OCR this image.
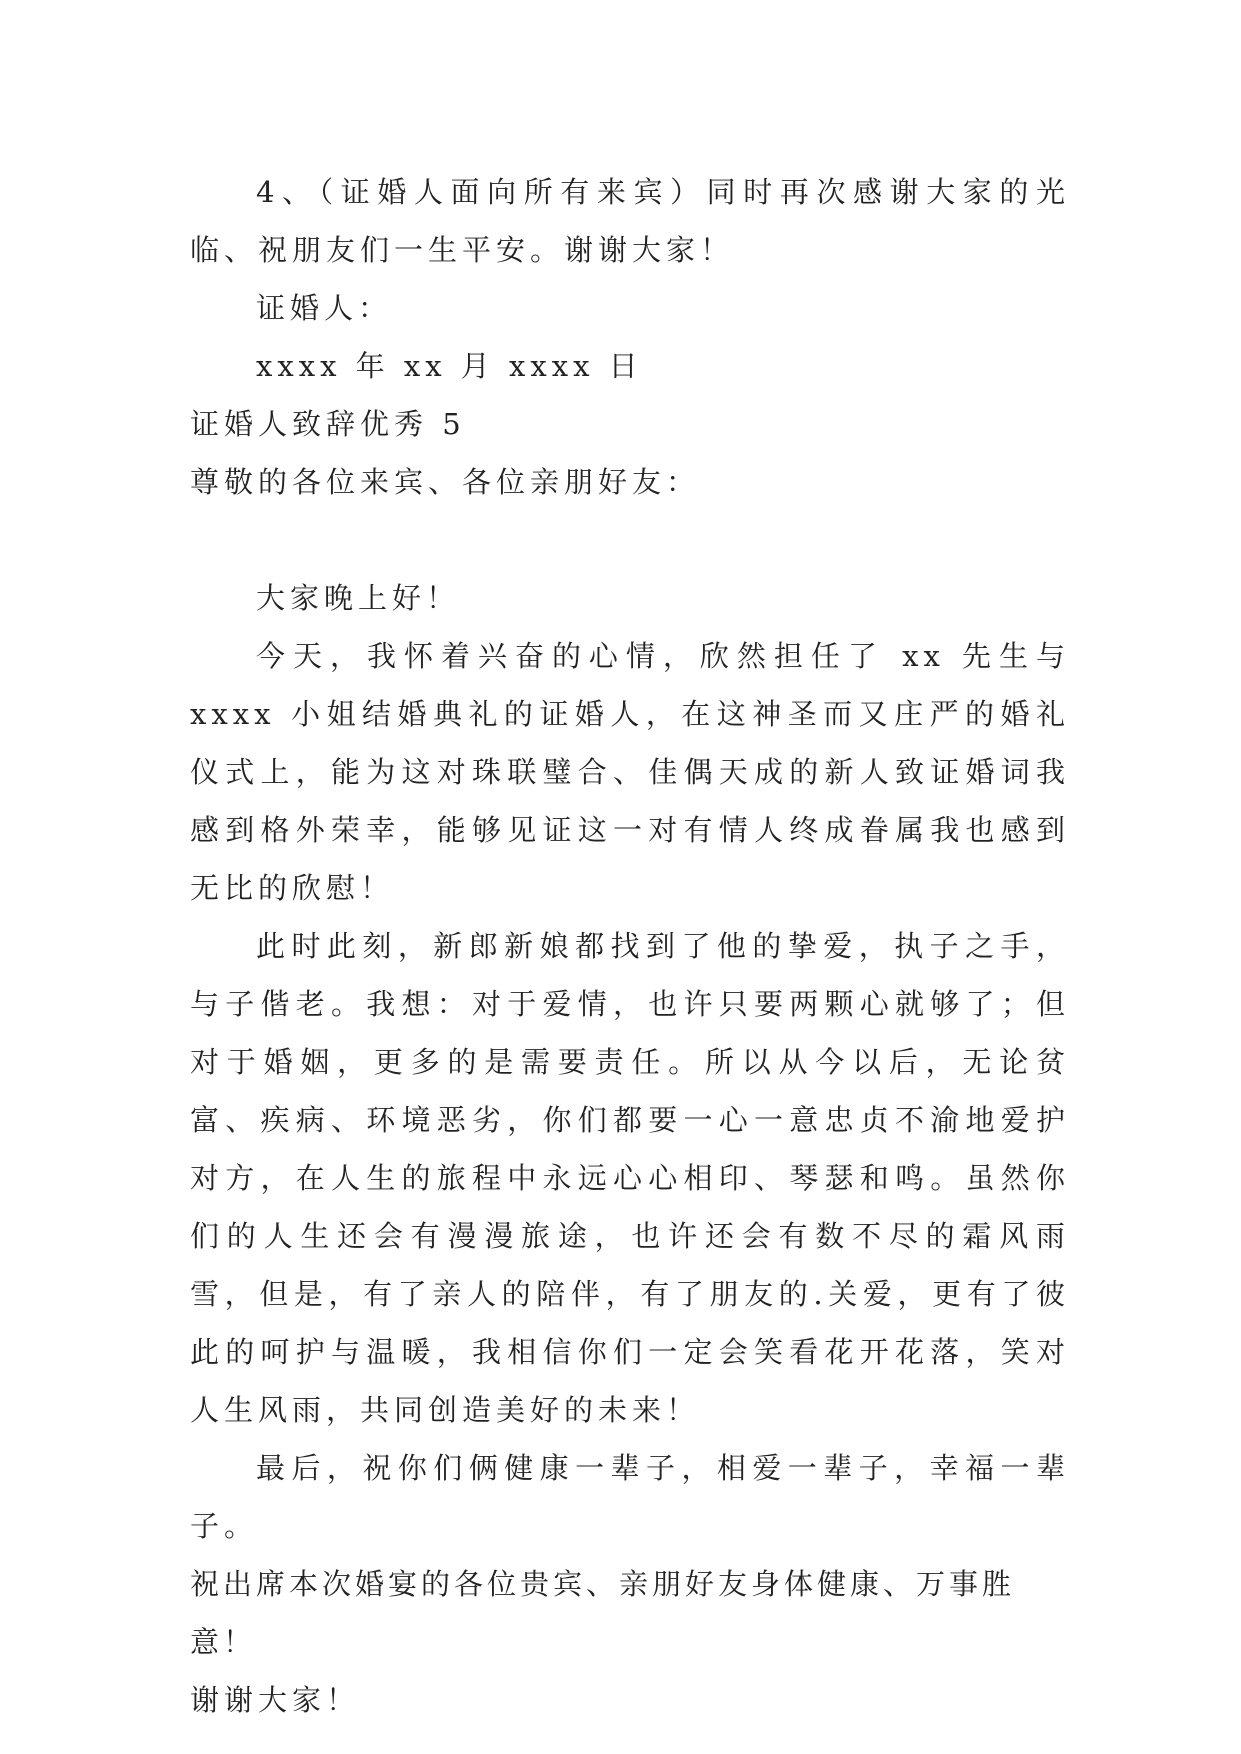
4、（证婚人面向所有来宾）同时再次感谢大家的光临、祝朋友们一生平安。谢谢大家！

证婚人：

xxxx 年 xx 月 xxxx 日

证婚人致辞优秀 5

尊敬的各位来宾、各位亲朋好友：

大家晚上好！

今天，我怀着兴奋的心情，欣然担任了 xx 先生与 xxxx 小姐结婚典礼的证婚人，在这神圣而又庄严的婚礼仪式上，能为这对珠联璧合、佳偶天成的新人致证婚词我感到格外荣幸，能够见证这一对有情人终成眷属我也感到无比的欣慰！

此时此刻，新郎新娘都找到了他的挚爱，执子之手，与子偕老。我想：对于爱情，也许只要两颗心就够了；但对于婚姻，更多的是需要责任。所以从今以后，无论贫富、疾病、环境恶劣，你们都要一心一意忠贞不渝地爱护对方，在人生的旅程中永远心心相印、琴瑟和鸣。虽然你们的人生还会有漫漫旅途，也许还会有数不尽的霜风雨雪，但是，有了亲人的陪伴，有了朋友的.关爱，更有了彼此的呵护与温暖，我相信你们一定会笑看花开花落，笑对人生风雨，共同创造美好的未来！

最后，祝你们俩健康一辈子，相爱一辈子，幸福一辈子。

祝出席本次婚宴的各位贵宾、亲朋好友身体健康、万事胜意！

谢谢大家！
